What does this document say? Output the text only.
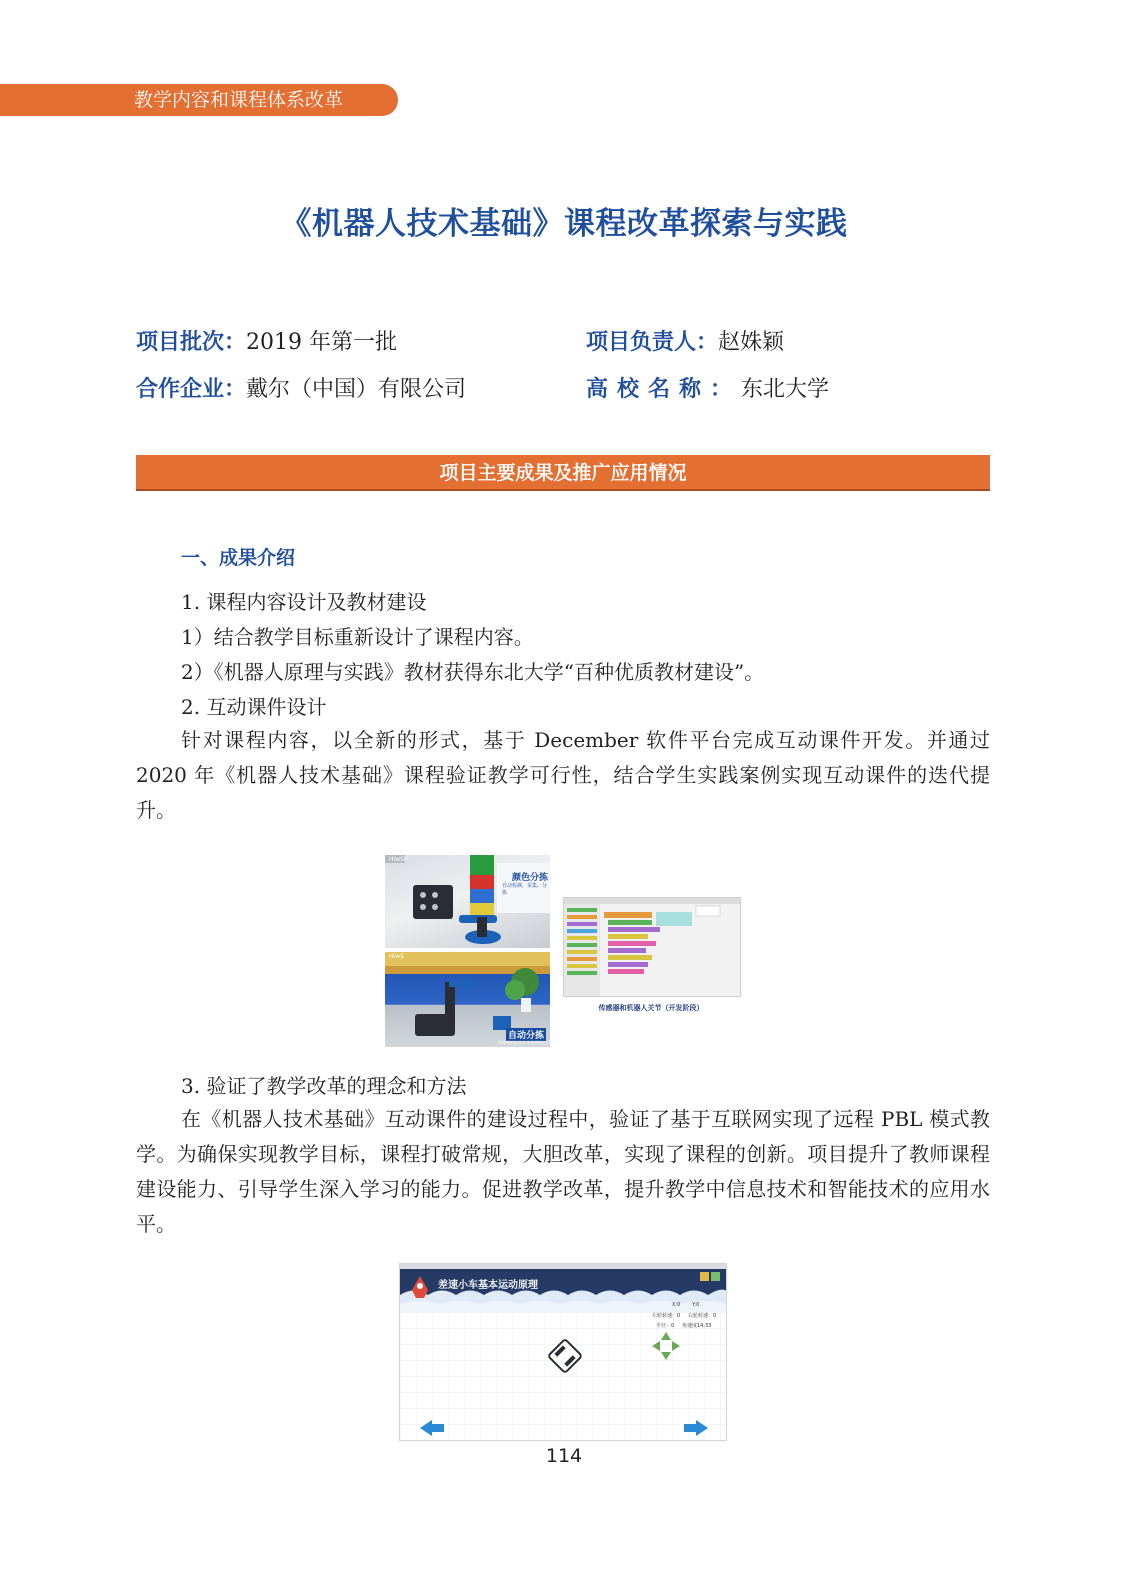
教学内容和课程体系改革
《机器人技术基础》课程改革探索与实践
项目批次：2019 年第一批	项目负责人：赵姝颖
合作企业：戴尔（中国）有限公司	高校名称：东北大学
项目主要成果及推广应用情况
一、成果介绍
1. 课程内容设计及教材建设
1）结合教学目标重新设计了课程内容。
2）《机器人原理与实践》教材获得东北大学“百种优质教材建设”。
2. 互动课件设计
针对课程内容，以全新的形式，基于 December 软件平台完成互动课件开发。并通过 2020 年《机器人技术基础》课程验证教学可行性，结合学生实践案例实现互动课件的迭代提升。
HiwSP
颜色分拣
自动检测、采集、分拣
HiwS
自动分拣
机械臂抓取物体并放到指定区
传感器和机器人关节（开发阶段）
3. 验证了教学改革的理念和方法
在《机器人技术基础》互动课件的建设过程中，验证了基于互联网实现了远程 PBL 模式教学。为确保实现教学目标，课程打破常规，大胆改革，实现了课程的创新。项目提升了教师课程建设能力、引导学生深入学习的能力。促进教学改革，提升教学中信息技术和智能技术的应用水平。
差速小车基本运动原理
X:0 Y:0
左轮转速：0 右轮转速：0
半径：0 角速度14.33
114
